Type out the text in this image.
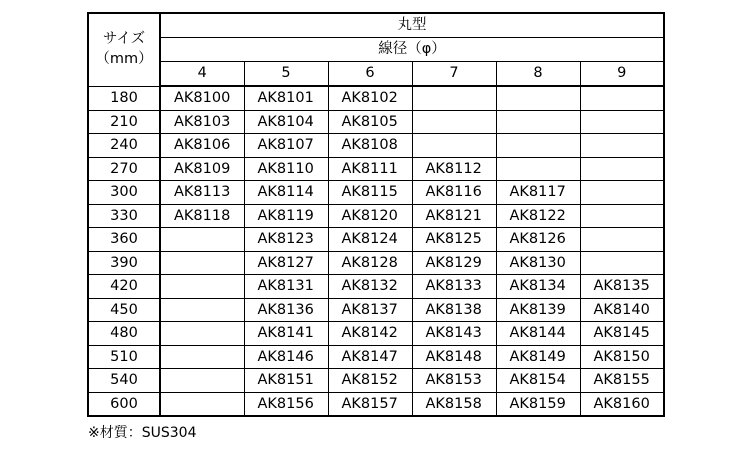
サイズ
（mm）	丸型					
	線径（φ）					
	4	5	6	7	8	9
180	AK8100	AK8101	AK8102			
210	AK8103	AK8104	AK8105			
240	AK8106	AK8107	AK8108			
270	AK8109	AK8110	AK8111	AK8112		
300	AK8113	AK8114	AK8115	AK8116	AK8117	
330	AK8118	AK8119	AK8120	AK8121	AK8122	
360		AK8123	AK8124	AK8125	AK8126	
390		AK8127	AK8128	AK8129	AK8130	
420		AK8131	AK8132	AK8133	AK8134	AK8135
450		AK8136	AK8137	AK8138	AK8139	AK8140
480		AK8141	AK8142	AK8143	AK8144	AK8145
510		AK8146	AK8147	AK8148	AK8149	AK8150
540		AK8151	AK8152	AK8153	AK8154	AK8155
600		AK8156	AK8157	AK8158	AK8159	AK8160
※材質：SUS304
